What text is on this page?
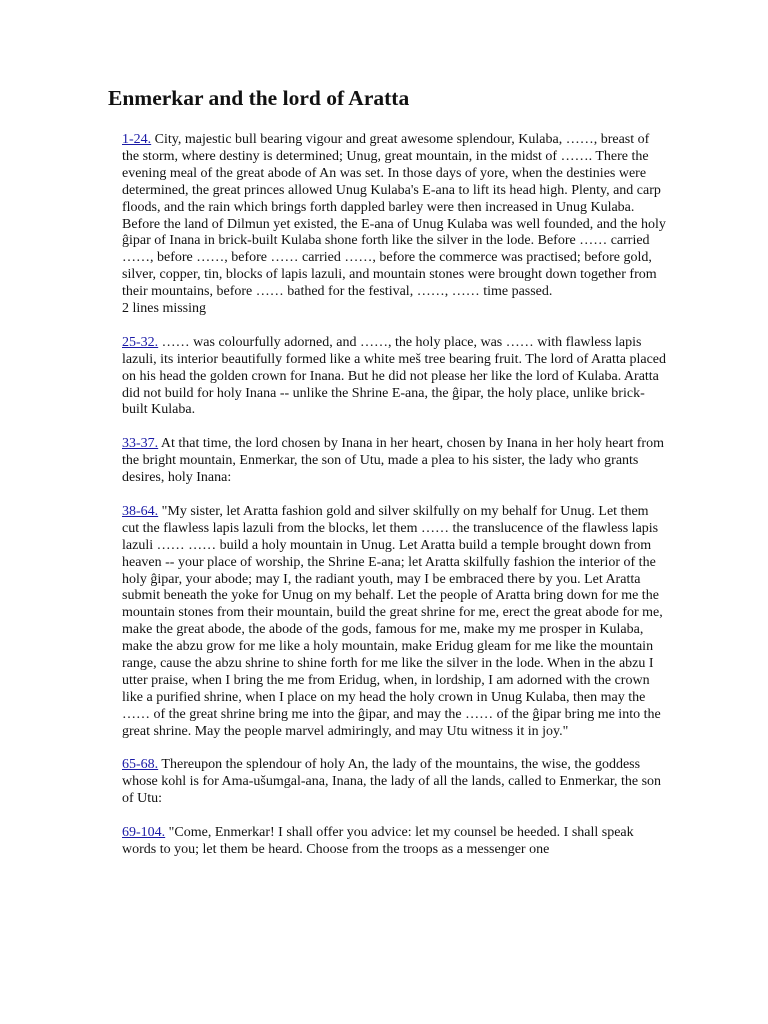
Enmerkar and the lord of Aratta

1-24. City, majestic bull bearing vigour and great awesome splendour, Kulaba, ……, breast of the storm, where destiny is determined; Unug, great mountain, in the midst of ……. There the evening meal of the great abode of An was set. In those days of yore, when the destinies were determined, the great princes allowed Unug Kulaba's E-ana to lift its head high. Plenty, and carp floods, and the rain which brings forth dappled barley were then increased in Unug Kulaba. Before the land of Dilmun yet existed, the E-ana of Unug Kulaba was well founded, and the holy ĝipar of Inana in brick-built Kulaba shone forth like the silver in the lode. Before …… carried ……, before ……, before …… carried ……, before the commerce was practised; before gold, silver, copper, tin, blocks of lapis lazuli, and mountain stones were brought down together from their mountains, before …… bathed for the festival, ……, …… time passed.
2 lines missing

25-32. …… was colourfully adorned, and ……, the holy place, was …… with flawless lapis lazuli, its interior beautifully formed like a white meš tree bearing fruit. The lord of Aratta placed on his head the golden crown for Inana. But he did not please her like the lord of Kulaba. Aratta did not build for holy Inana -- unlike the Shrine E-ana, the ĝipar, the holy place, unlike brick-built Kulaba.

33-37. At that time, the lord chosen by Inana in her heart, chosen by Inana in her holy heart from the bright mountain, Enmerkar, the son of Utu, made a plea to his sister, the lady who grants desires, holy Inana:

38-64. "My sister, let Aratta fashion gold and silver skilfully on my behalf for Unug. Let them cut the flawless lapis lazuli from the blocks, let them …… the translucence of the flawless lapis lazuli …… …… build a holy mountain in Unug. Let Aratta build a temple brought down from heaven -- your place of worship, the Shrine E-ana; let Aratta skilfully fashion the interior of the holy ĝipar, your abode; may I, the radiant youth, may I be embraced there by you. Let Aratta submit beneath the yoke for Unug on my behalf. Let the people of Aratta bring down for me the mountain stones from their mountain, build the great shrine for me, erect the great abode for me, make the great abode, the abode of the gods, famous for me, make my me prosper in Kulaba, make the abzu grow for me like a holy mountain, make Eridug gleam for me like the mountain range, cause the abzu shrine to shine forth for me like the silver in the lode. When in the abzu I utter praise, when I bring the me from Eridug, when, in lordship, I am adorned with the crown like a purified shrine, when I place on my head the holy crown in Unug Kulaba, then may the …… of the great shrine bring me into the ĝipar, and may the …… of the ĝipar bring me into the great shrine. May the people marvel admiringly, and may Utu witness it in joy."

65-68. Thereupon the splendour of holy An, the lady of the mountains, the wise, the goddess whose kohl is for Ama-ušumgal-ana, Inana, the lady of all the lands, called to Enmerkar, the son of Utu:

69-104. "Come, Enmerkar! I shall offer you advice: let my counsel be heeded. I shall speak words to you; let them be heard. Choose from the troops as a messenger one
